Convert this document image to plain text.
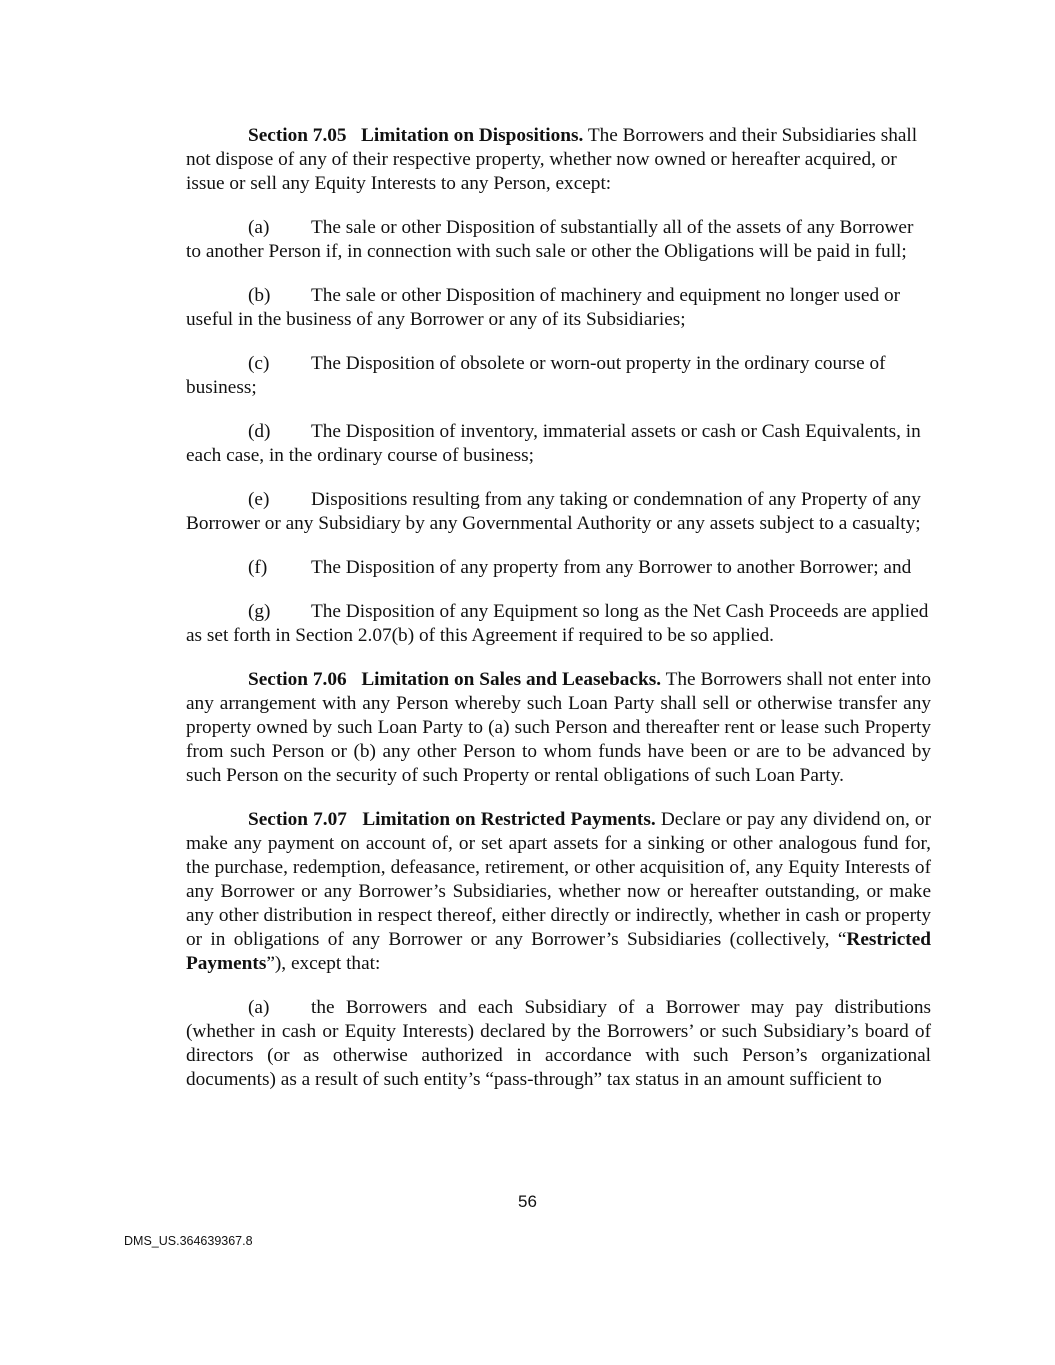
Section 7.05 Limitation on Dispositions. The Borrowers and their Subsidiaries shall not dispose of any of their respective property, whether now owned or hereafter acquired, or issue or sell any Equity Interests to any Person, except:

(a) The sale or other Disposition of substantially all of the assets of any Borrower to another Person if, in connection with such sale or other the Obligations will be paid in full;

(b) The sale or other Disposition of machinery and equipment no longer used or useful in the business of any Borrower or any of its Subsidiaries;

(c) The Disposition of obsolete or worn-out property in the ordinary course of business;

(d) The Disposition of inventory, immaterial assets or cash or Cash Equivalents, in each case, in the ordinary course of business;

(e) Dispositions resulting from any taking or condemnation of any Property of any Borrower or any Subsidiary by any Governmental Authority or any assets subject to a casualty;

(f) The Disposition of any property from any Borrower to another Borrower; and

(g) The Disposition of any Equipment so long as the Net Cash Proceeds are applied as set forth in Section 2.07(b) of this Agreement if required to be so applied.

Section 7.06 Limitation on Sales and Leasebacks. The Borrowers shall not enter into any arrangement with any Person whereby such Loan Party shall sell or otherwise transfer any property owned by such Loan Party to (a) such Person and thereafter rent or lease such Property from such Person or (b) any other Person to whom funds have been or are to be advanced by such Person on the security of such Property or rental obligations of such Loan Party.

Section 7.07 Limitation on Restricted Payments. Declare or pay any dividend on, or make any payment on account of, or set apart assets for a sinking or other analogous fund for, the purchase, redemption, defeasance, retirement, or other acquisition of, any Equity Interests of any Borrower or any Borrower’s Subsidiaries, whether now or hereafter outstanding, or make any other distribution in respect thereof, either directly or indirectly, whether in cash or property or in obligations of any Borrower or any Borrower’s Subsidiaries (collectively, “Restricted Payments”), except that:

(a) the Borrowers and each Subsidiary of a Borrower may pay distributions (whether in cash or Equity Interests) declared by the Borrowers’ or such Subsidiary’s board of directors (or as otherwise authorized in accordance with such Person’s organizational documents) as a result of such entity’s “pass-through” tax status in an amount sufficient to

56
DMS_US.364639367.8
